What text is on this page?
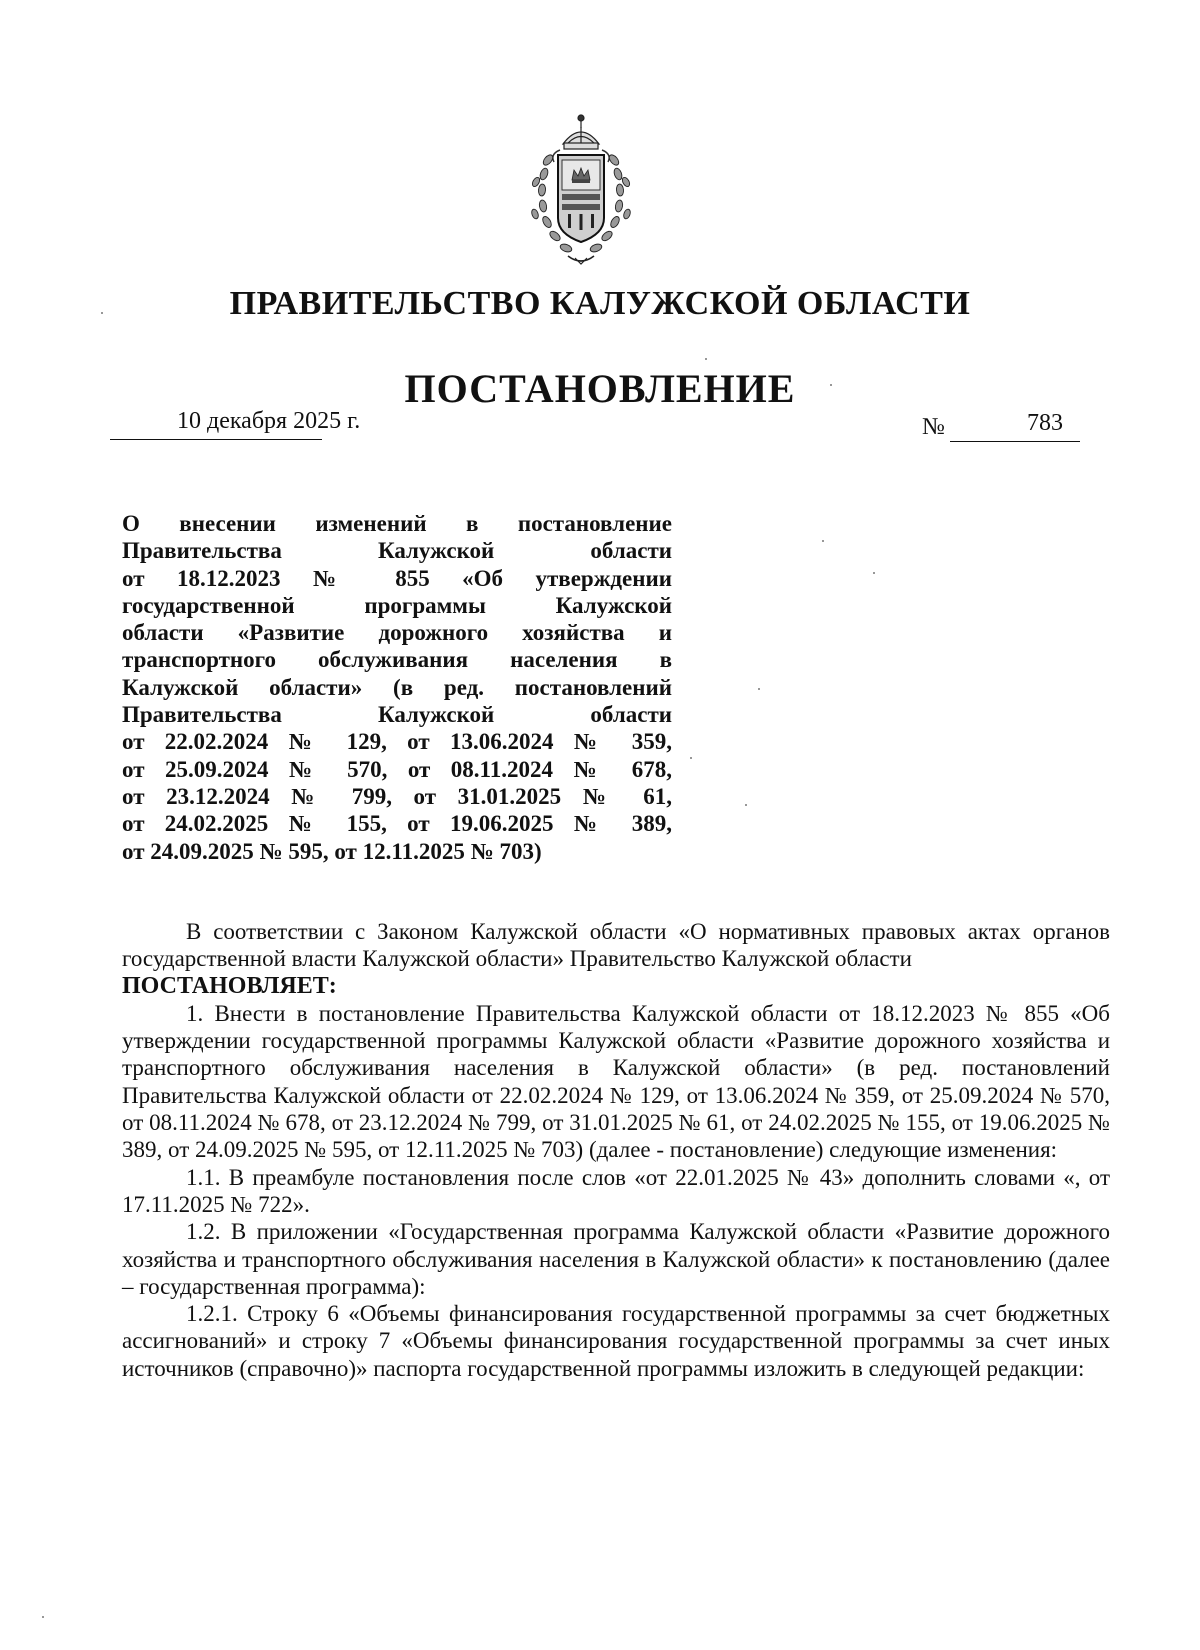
ПРАВИТЕЛЬСТВО КАЛУЖСКОЙ ОБЛАСТИ
ПОСТАНОВЛЕНИЕ
10 декабря 2025 г.	№	783
О внесении изменений в постановление
Правительства Калужской области
от 18.12.2023 № 855 «Об утверждении
государственной программы Калужской
области «Развитие дорожного хозяйства и
транспортного обслуживания населения в
Калужской области» (в ред. постановлений
Правительства Калужской области
от 22.02.2024 № 129, от 13.06.2024 № 359,
от 25.09.2024 № 570, от 08.11.2024 № 678,
от 23.12.2024 № 799, от 31.01.2025 № 61,
от 24.02.2025 № 155, от 19.06.2025 № 389,
от 24.09.2025 № 595, от 12.11.2025 № 703)

В соответствии с Законом Калужской области «О нормативных правовых актах органов государственной власти Калужской области» Правительство Калужской области

ПОСТАНОВЛЯЕТ:

1. Внести в постановление Правительства Калужской области от 18.12.2023 № 855 «Об утверждении государственной программы Калужской области «Развитие дорожного хозяйства и транспортного обслуживания населения в Калужской области» (в ред. постановлений Правительства Калужской области от 22.02.2024 № 129, от 13.06.2024 № 359, от 25.09.2024 № 570, от 08.11.2024 № 678, от 23.12.2024 № 799, от 31.01.2025 № 61, от 24.02.2025 № 155, от 19.06.2025 № 389, от 24.09.2025 № 595, от 12.11.2025 № 703) (далее - постановление) следующие изменения:

1.1. В преамбуле постановления после слов «от 22.01.2025 № 43» дополнить словами «, от 17.11.2025 № 722».

1.2. В приложении «Государственная программа Калужской области «Развитие дорожного хозяйства и транспортного обслуживания населения в Калужской области» к постановлению (далее – государственная программа):

1.2.1. Строку 6 «Объемы финансирования государственной программы за счет бюджетных ассигнований» и строку 7 «Объемы финансирования государственной программы за счет иных источников (справочно)» паспорта государственной программы изложить в следующей редакции:
